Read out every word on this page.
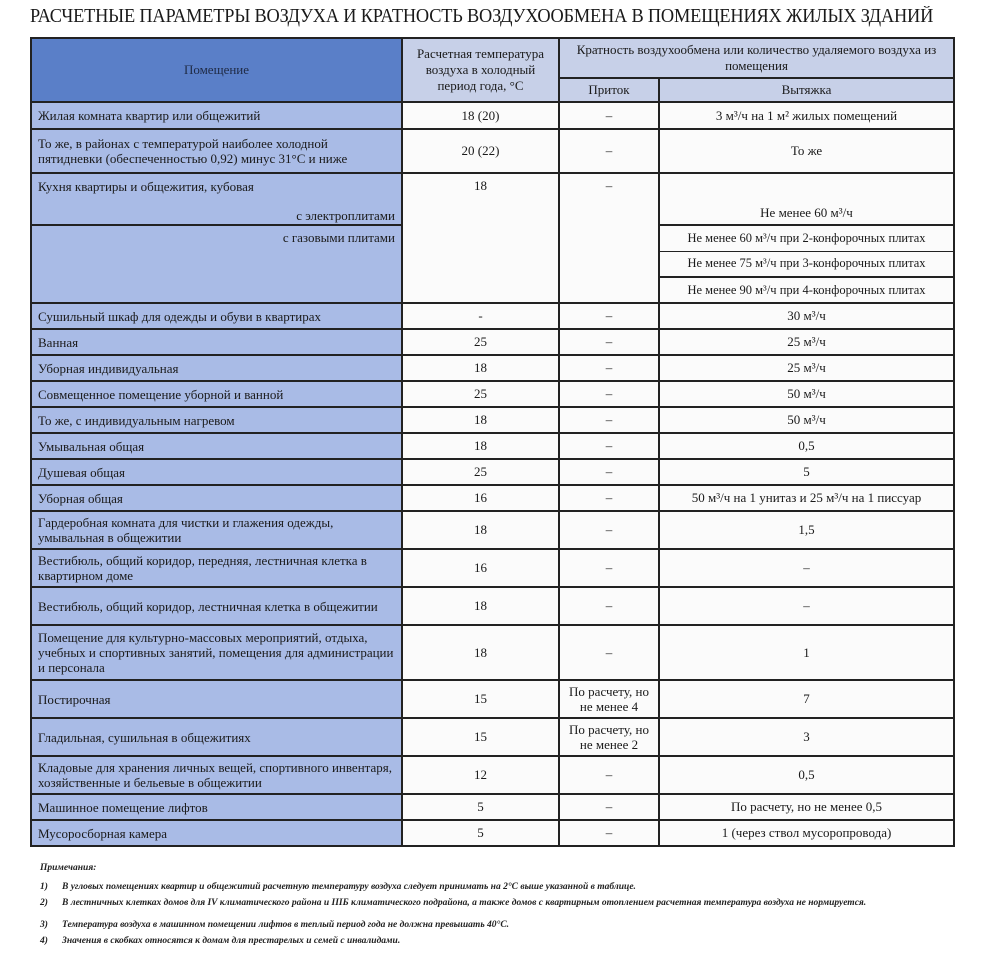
РАСЧЕТНЫЕ ПАРАМЕТРЫ ВОЗДУХА И КРАТНОСТЬ ВОЗДУХООБМЕНА В ПОМЕЩЕНИЯХ ЖИЛЫХ ЗДАНИЙ
Помещение	Расчетная температура воздуха в холодный период года, °С	Кратность воздухообмена или количество удаляемого воздуха из помещения	
		Приток	Вытяжка
Жилая комната квартир или общежитий	18 (20)	–	3 м³/ч на 1 м² жилых помещений
То же, в районах с температурой наиболее холодной пятидневки (обеспеченностью 0,92) минус 31°С и ниже	20 (22)	–	То же

Кухня квартиры и общежития, кубовая
с электроплитами	18	–	Не менее 60 м³/ч
с газовыми плитами			Не менее 60 м³/ч при 2-конфорочных плитах
			Не менее 75 м³/ч при 3-конфорочных плитах
			Не менее 90 м³/ч при 4-конфорочных плитах
Сушильный шкаф для одежды и обуви в квартирах	-	–	30 м³/ч
Ванная	25	–	25 м³/ч
Уборная индивидуальная	18	–	25 м³/ч
Совмещенное помещение уборной и ванной	25	–	50 м³/ч
То же, с индивидуальным нагревом	18	–	50 м³/ч
Умывальная общая	18	–	0,5
Душевая общая	25	–	5
Уборная общая	16	–	50 м³/ч на 1 унитаз и 25 м³/ч на 1 писсуар
Гардеробная комната для чистки и глажения одежды, умывальная в общежитии	18	–	1,5
Вестибюль, общий коридор, передняя, лестничная клетка в квартирном доме	16	–	–
Вестибюль, общий коридор, лестничная клетка в общежитии	18	–	–
Помещение для культурно-массовых мероприятий, отдыха, учебных и спортивных занятий, помещения для администрации и персонала	18	–	1
Постирочная	15	По расчету, но не менее 4	7
Гладильная, сушильная в общежитиях	15	По расчету, но не менее 2	3
Кладовые для хранения личных вещей, спортивного инвентаря, хозяйственные и бельевые в общежитии	12	–	0,5
Машинное помещение лифтов	5	–	По расчету, но не менее 0,5
Мусоросборная камера	5	–	1 (через ствол мусоропровода)
Примечания:
1)	В угловых помещениях квартир и общежитий расчетную температуру воздуха следует принимать на 2°С выше указанной в таблице.
2)	В лестничных клетках домов для IV климатического района и IIIБ климатического подрайона, а также домов с квартирным отоплением расчетная температура воздуха не нормируется.
3)	Температура воздуха в машинном помещении лифтов в теплый период года не должна превышать 40°С.
4)	Значения в скобках относятся к домам для престарелых и семей с инвалидами.
